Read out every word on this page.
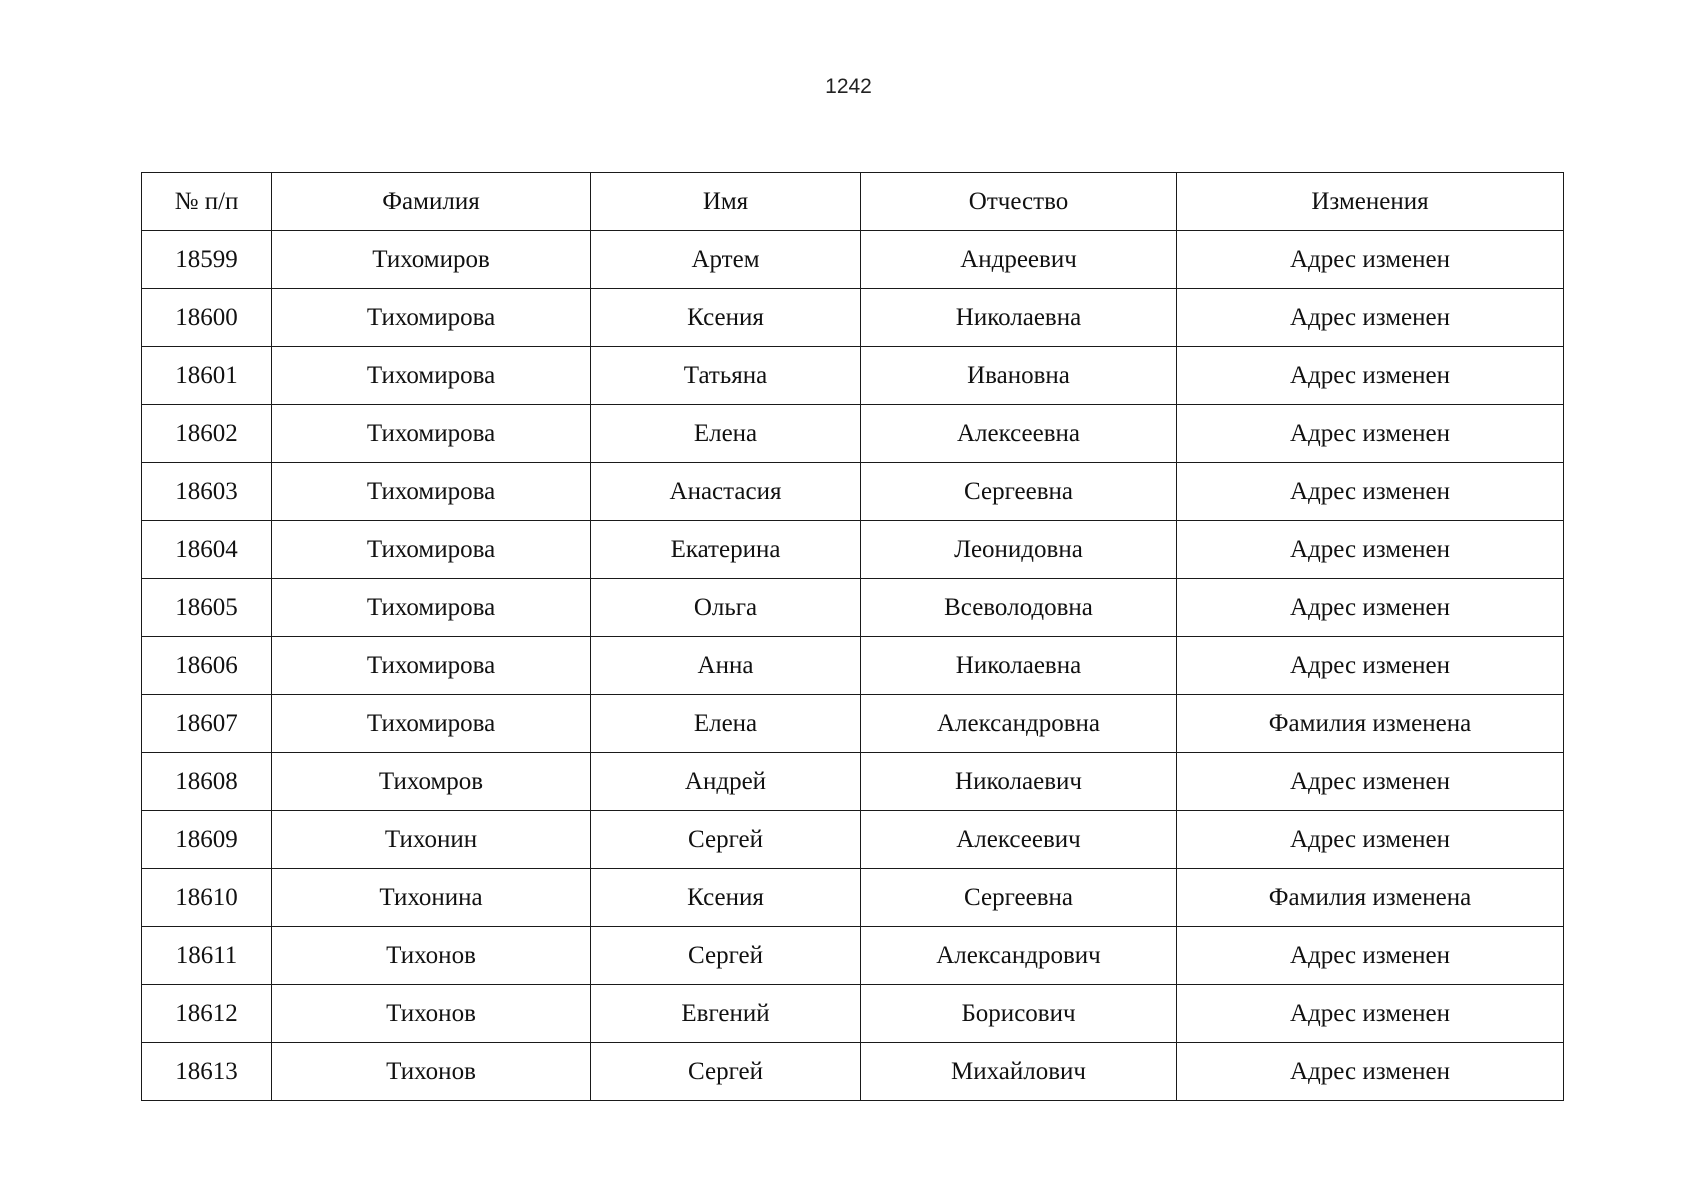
1242
№ п/п	Фамилия	Имя	Отчество	Изменения
18599	Тихомиров	Артем	Андреевич	Адрес изменен
18600	Тихомирова	Ксения	Николаевна	Адрес изменен
18601	Тихомирова	Татьяна	Ивановна	Адрес изменен
18602	Тихомирова	Елена	Алексеевна	Адрес изменен
18603	Тихомирова	Анастасия	Сергеевна	Адрес изменен
18604	Тихомирова	Екатерина	Леонидовна	Адрес изменен
18605	Тихомирова	Ольга	Всеволодовна	Адрес изменен
18606	Тихомирова	Анна	Николаевна	Адрес изменен
18607	Тихомирова	Елена	Александровна	Фамилия изменена
18608	Тихомров	Андрей	Николаевич	Адрес изменен
18609	Тихонин	Сергей	Алексеевич	Адрес изменен
18610	Тихонина	Ксения	Сергеевна	Фамилия изменена
18611	Тихонов	Сергей	Александрович	Адрес изменен
18612	Тихонов	Евгений	Борисович	Адрес изменен
18613	Тихонов	Сергей	Михайлович	Адрес изменен
